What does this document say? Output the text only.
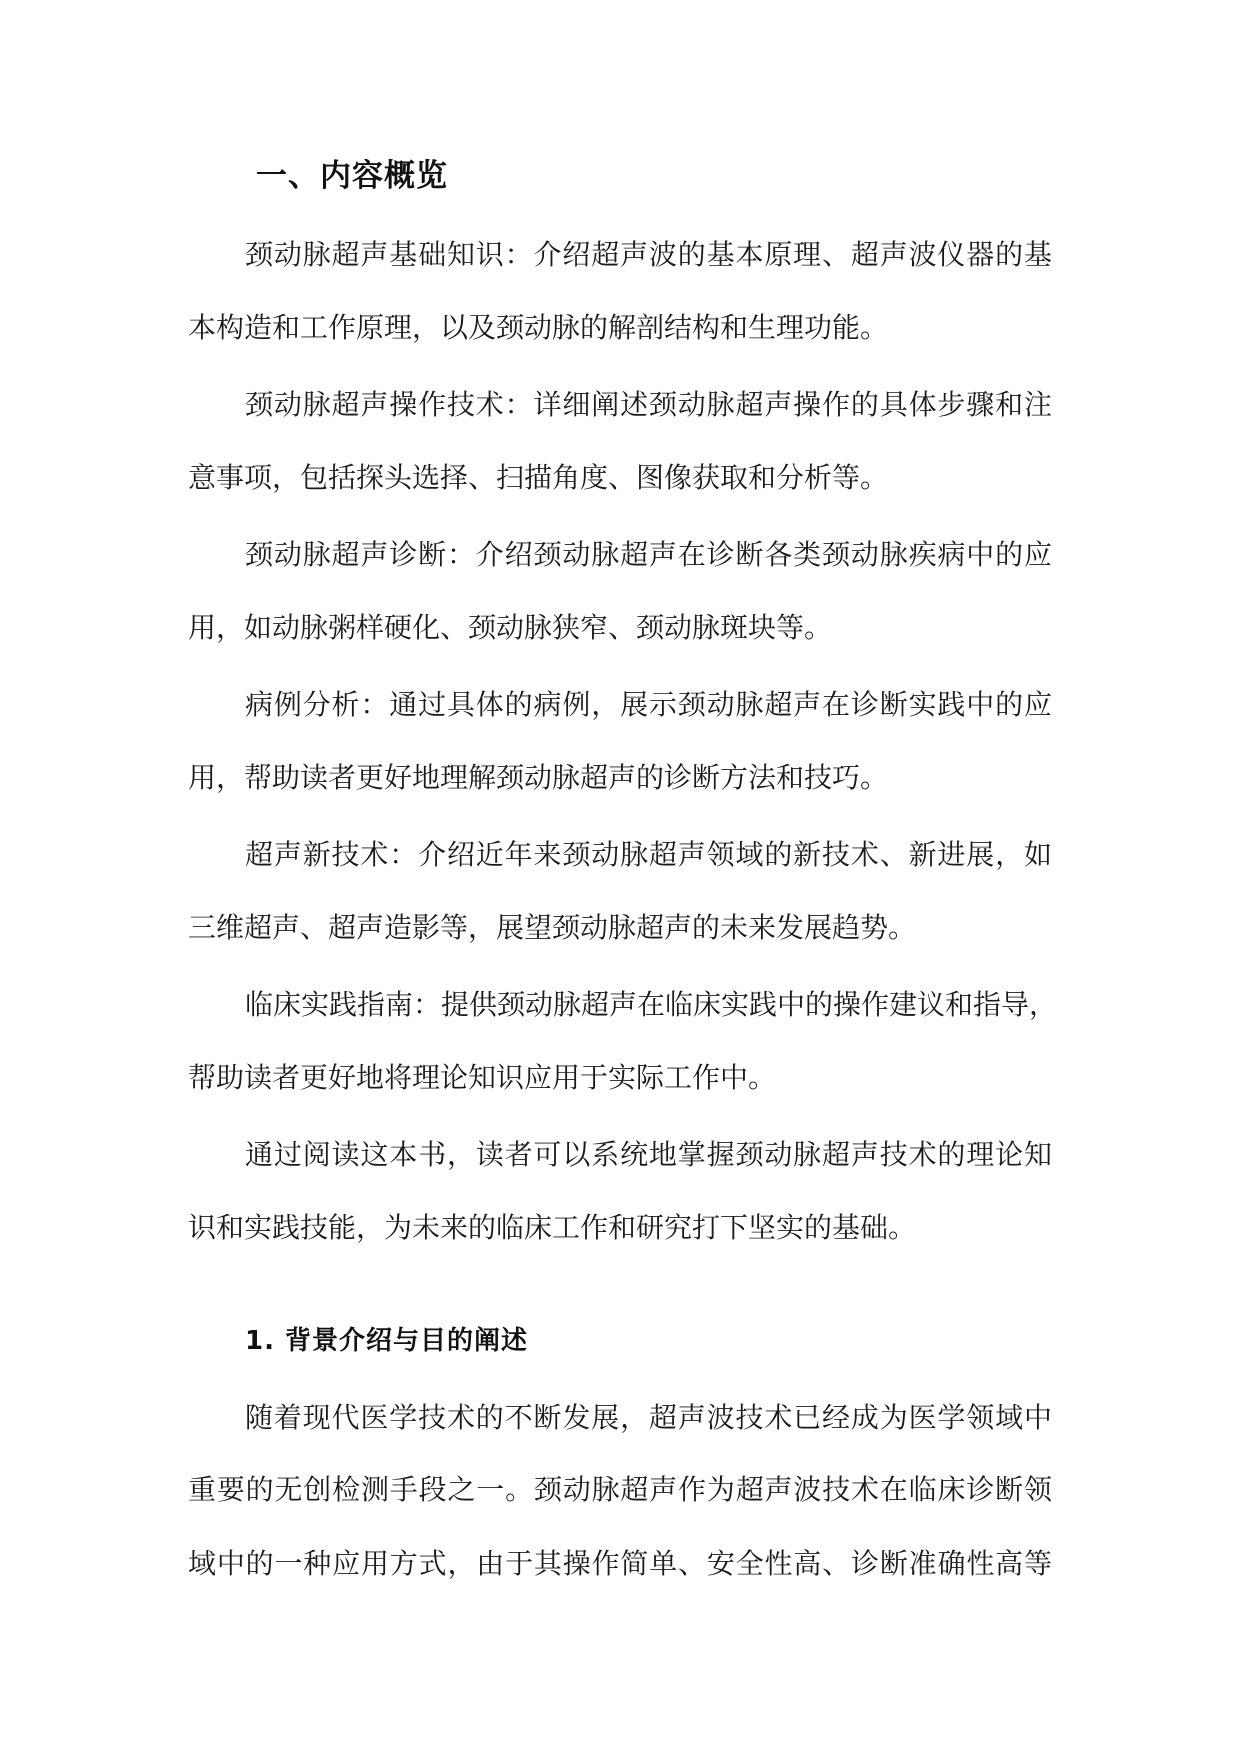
一、内容概览
颈动脉超声基础知识：介绍超声波的基本原理、超声波仪器的基
本构造和工作原理，以及颈动脉的解剖结构和生理功能。
颈动脉超声操作技术：详细阐述颈动脉超声操作的具体步骤和注
意事项，包括探头选择、扫描角度、图像获取和分析等。
颈动脉超声诊断：介绍颈动脉超声在诊断各类颈动脉疾病中的应
用，如动脉粥样硬化、颈动脉狭窄、颈动脉斑块等。
病例分析：通过具体的病例，展示颈动脉超声在诊断实践中的应
用，帮助读者更好地理解颈动脉超声的诊断方法和技巧。
超声新技术：介绍近年来颈动脉超声领域的新技术、新进展，如
三维超声、超声造影等，展望颈动脉超声的未来发展趋势。
临床实践指南：提供颈动脉超声在临床实践中的操作建议和指导，
帮助读者更好地将理论知识应用于实际工作中。
通过阅读这本书，读者可以系统地掌握颈动脉超声技术的理论知
识和实践技能，为未来的临床工作和研究打下坚实的基础。
1. 背景介绍与目的阐述
随着现代医学技术的不断发展，超声波技术已经成为医学领域中
重要的无创检测手段之一。颈动脉超声作为超声波技术在临床诊断领
域中的一种应用方式，由于其操作简单、安全性高、诊断准确性高等
